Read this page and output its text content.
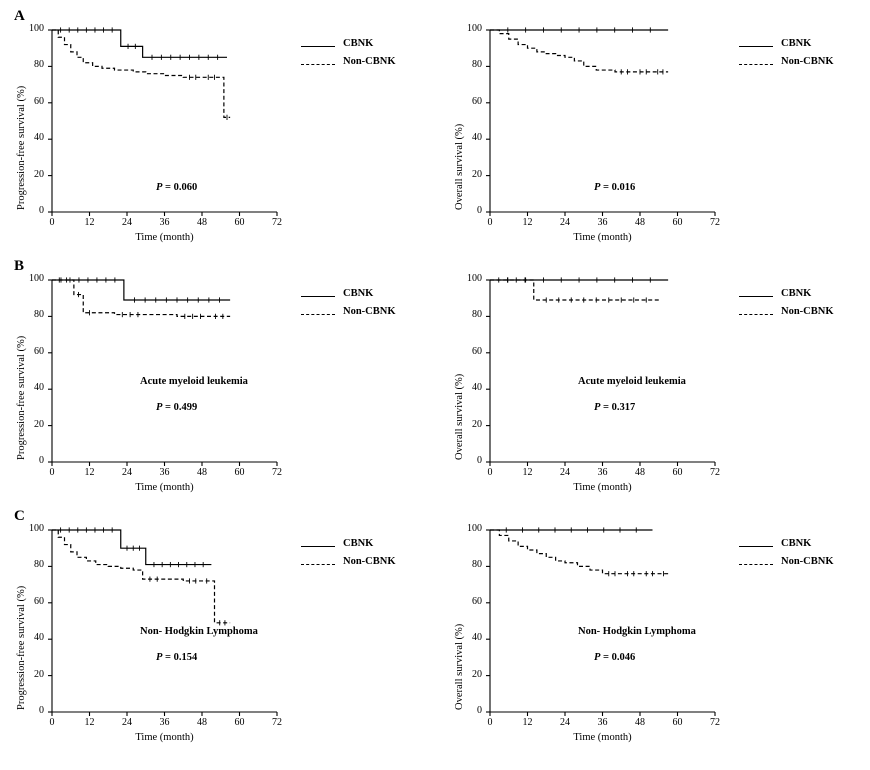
Progression-free survival (%)
Time (month)
0	12	24	36	48	60	72
0
20
40
60
80
100
CBNK
Non-CBNK
P = 0.060
A
Overall survival (%)
Time (month)
0	12	24	36	48	60	72
0
20
40
60
80
100
CBNK
Non-CBNK
P = 0.016
Progression-free survival (%)
Time (month)
0	12	24	36	48	60	72
0
20
40
60
80
100
CBNK
Non-CBNK
Acute myeloid leukemia
P = 0.499
B
Overall survival (%)
Time (month)
0	12	24	36	48	60	72
0
20
40
60
80
100
CBNK
Non-CBNK
Acute myeloid leukemia
P = 0.317
Progression-free survival (%)
Time (month)
0	12	24	36	48	60	72
0
20
40
60
80
100
CBNK
Non-CBNK
Non- Hodgkin Lymphoma
P = 0.154
C
Overall survival (%)
Time (month)
0	12	24	36	48	60	72
0
20
40
60
80
100
CBNK
Non-CBNK
Non- Hodgkin Lymphoma
P = 0.046
